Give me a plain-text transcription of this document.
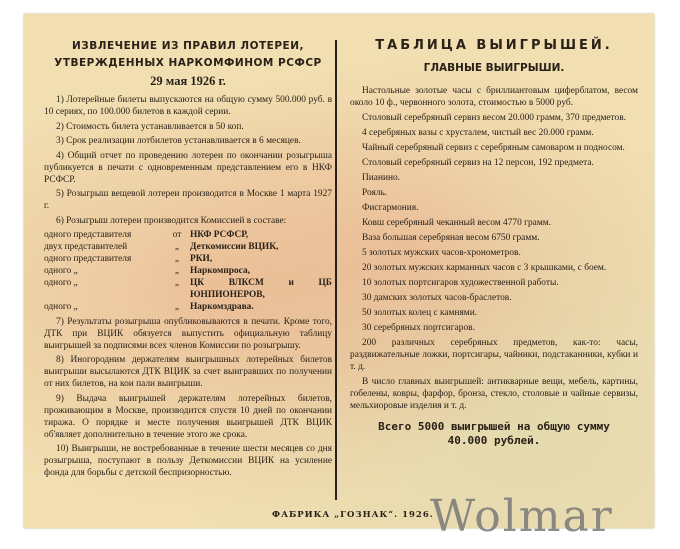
ИЗВЛЕЧЕНИЕ ИЗ ПРАВИЛ ЛОТЕРЕИ,
УТВЕРЖДЕННЫХ НАРКОМФИНОМ РСФСР
29 мая 1926 г.

1) Лотерейные билеты выпускаются на общую сумму 500.000 руб. в 10 сериях, по 100.000 билетов в каждой серии.

2) Стоимость билета устанавливается в 50 коп.

3) Срок реализации лотбилетов устанавливается в 6 месяцев.

4) Общий отчет по проведению лотереи по окончании розыгрыша публикуется в печати с одновременным представлением его в НКФ РСФСР.

5) Розыгрыш вещевой лотереи производится в Москве 1 марта 1927 г.

6) Розыгрыш лотереи производится Комиссией в составе:

одного представителя	от НКФ РСФСР,
двух представителей	„	Деткомиссии ВЦИК,
одного представителя	„	РКИ,
одного „	„	Наркомпроса,
одного „	„	ЦК ВЛКСМ и ЦБ ЮНПИОНЕРОВ,
одного „	„	Наркомздрава.

7) Результаты розыгрыша опубликовываются в печати. Кроме того, ДТК при ВЦИК обязуется выпустить официальную таблицу выигрышей за подписями всех членов Комиссии по розыгрышу.

8) Иногородним держателям выигрышных лотерейных билетов выигрыши высылаются ДТК ВЦИК за счет выигравших по получении от них билетов, на кои пали выигрыши.

9) Выдача выигрышей держателям лотерейных билетов, проживающим в Москве, производится спустя 10 дней по окончании тиража. О порядке и месте получения выигрышей ДТК ВЦИК об'являет дополнительно в течение этого же срока.

10) Выигрыши, не востребованные в течение шести месяцев со дня розыгрыша, поступают в пользу Деткомиссии ВЦИК на усиление фонда для борьбы с детской беспризорностью.

ТАБЛИЦА ВЫИГРЫШЕЙ.
ГЛАВНЫЕ ВЫИГРЫШИ.

Настольные золотые часы с бриллиантовым циферблатом, весом около 10 ф., червонного золота, стоимостью в 5000 руб.

Столовый серебряный сервиз весом 20.000 грамм, 370 предметов.

4 серебряных вазы с хрусталем, чистый вес 20.000 грамм.

Чайный серебряный сервиз с серебряным самоваром и подносом.

Столовый серебряный сервиз на 12 персон, 192 предмета.

Пианино.

Рояль.

Фисгармония.

Ковш серебряный чеканный весом 4770 грамм.

Ваза большая серебряная весом 6750 грамм.

5 золотых мужских часов-хронометров.

20 золотых мужских карманных часов с 3 крышками, с боем.

10 золотых портсигаров художественной работы.

30 дамских золотых часов-браслетов.

50 золотых колец с камнями.

30 серебряных портсигаров.

200 различных серебряных предметов, как-то: часы, раздвижательные ложки, портсигары, чайники, подстаканники, кубки и т. д.

В число главных выигрышей: антикварные вещи, мебель, картины, гобелены, ковры, фарфор, бронза, стекло, столовые и чайные сервизы, мельхиоровые изделия и т. д.

Всего 5000 выигрышей на общую сумму
40.000 рублей.
ФАБРИКА „ГОЗНАК“. 1926.
Wolmar
